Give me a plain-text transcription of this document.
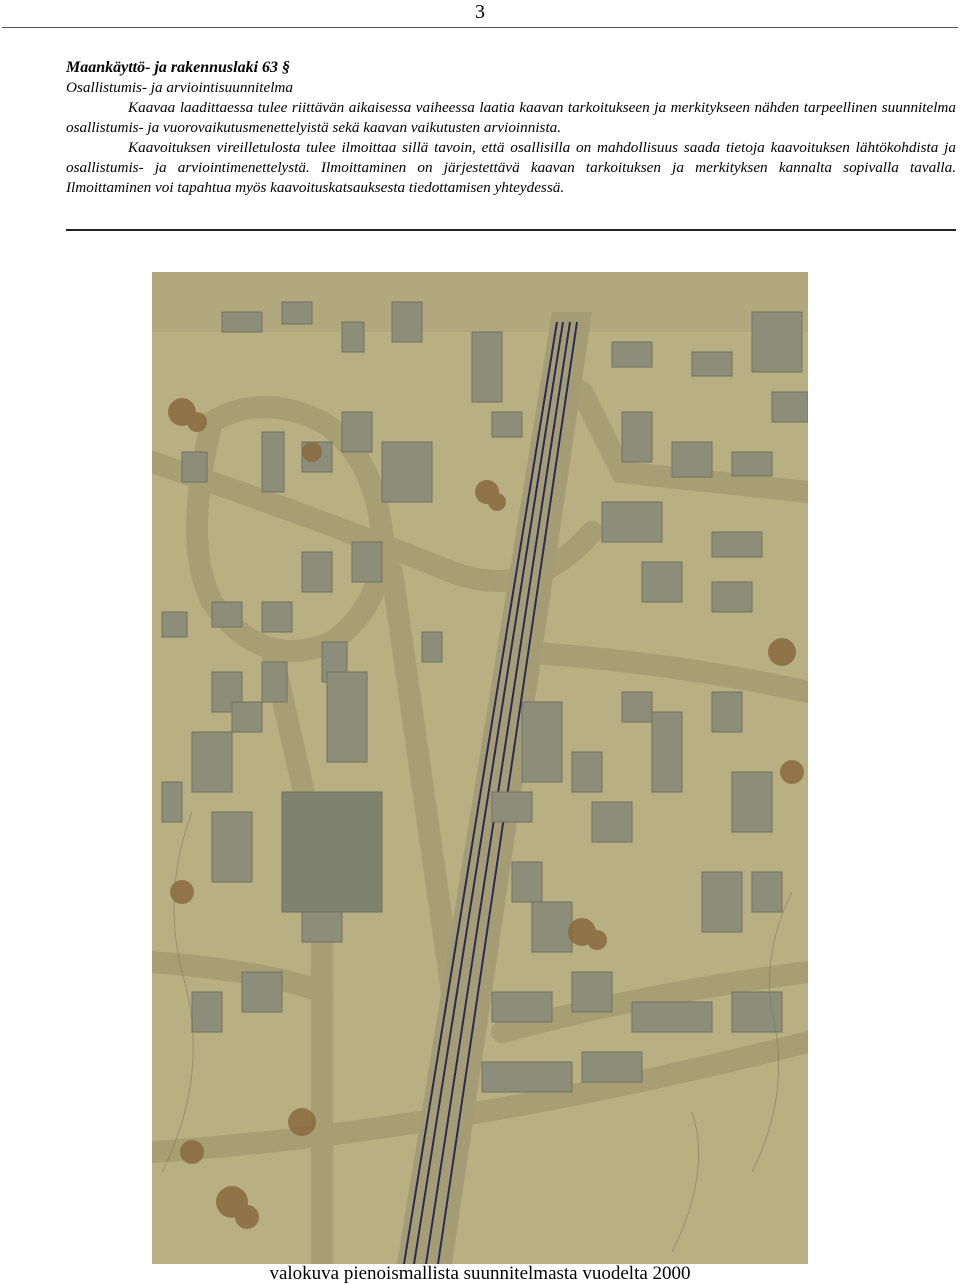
3
Maankäyttö- ja rakennuslaki 63 §
Osallistumis- ja arviointisuunnitelma

Kaavaa laadittaessa tulee riittävän aikaisessa vaiheessa laatia kaavan tarkoitukseen ja merkitykseen nähden tarpeellinen suunnitelma osallistumis- ja vuorovaikutusmenettelyistä sekä kaavan vaikutusten arvioinnista.

Kaavoituksen vireilletulosta tulee ilmoittaa sillä tavoin, että osallisilla on mahdollisuus saada tietoja kaavoituksen lähtökohdista ja osallistumis- ja arviointimenettelystä. Ilmoittaminen on järjestettävä kaavan tarkoituksen ja merkityksen kannalta sopivalla tavalla. Ilmoittaminen voi tapahtua myös kaavoituskatsauksesta tiedottamisen yhteydessä.

valokuva pienoismallista suunnitelmasta vuodelta 2000
